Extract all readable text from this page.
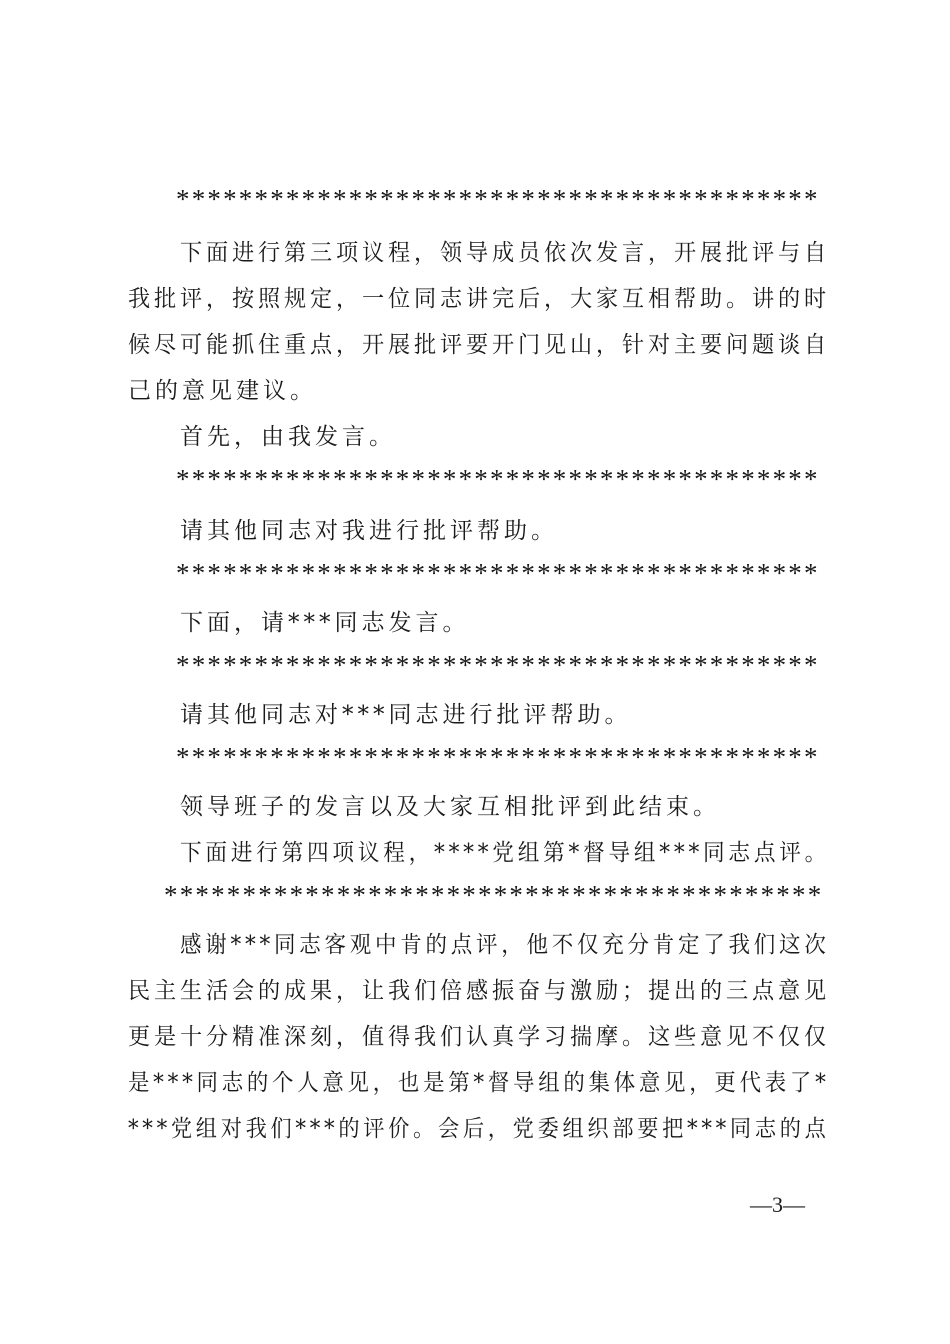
*****************************************
下面进行第三项议程，领导成员依次发言，开展批评与自
我批评，按照规定，一位同志讲完后，大家互相帮助。讲的时
候尽可能抓住重点，开展批评要开门见山，针对主要问题谈自
己的意见建议。
首先，由我发言。
*****************************************
请其他同志对我进行批评帮助。
*****************************************
下面，请***同志发言。
*****************************************
请其他同志对***同志进行批评帮助。
*****************************************
领导班子的发言以及大家互相批评到此结束。
下面进行第四项议程，****党组第*督导组***同志点评。
******************************************
感谢***同志客观中肯的点评，他不仅充分肯定了我们这次
民主生活会的成果，让我们倍感振奋与激励；提出的三点意见
更是十分精准深刻，值得我们认真学习揣摩。这些意见不仅仅
是***同志的个人意见，也是第*督导组的集体意见，更代表了*
***党组对我们***的评价。会后，党委组织部要把***同志的点
—3—
